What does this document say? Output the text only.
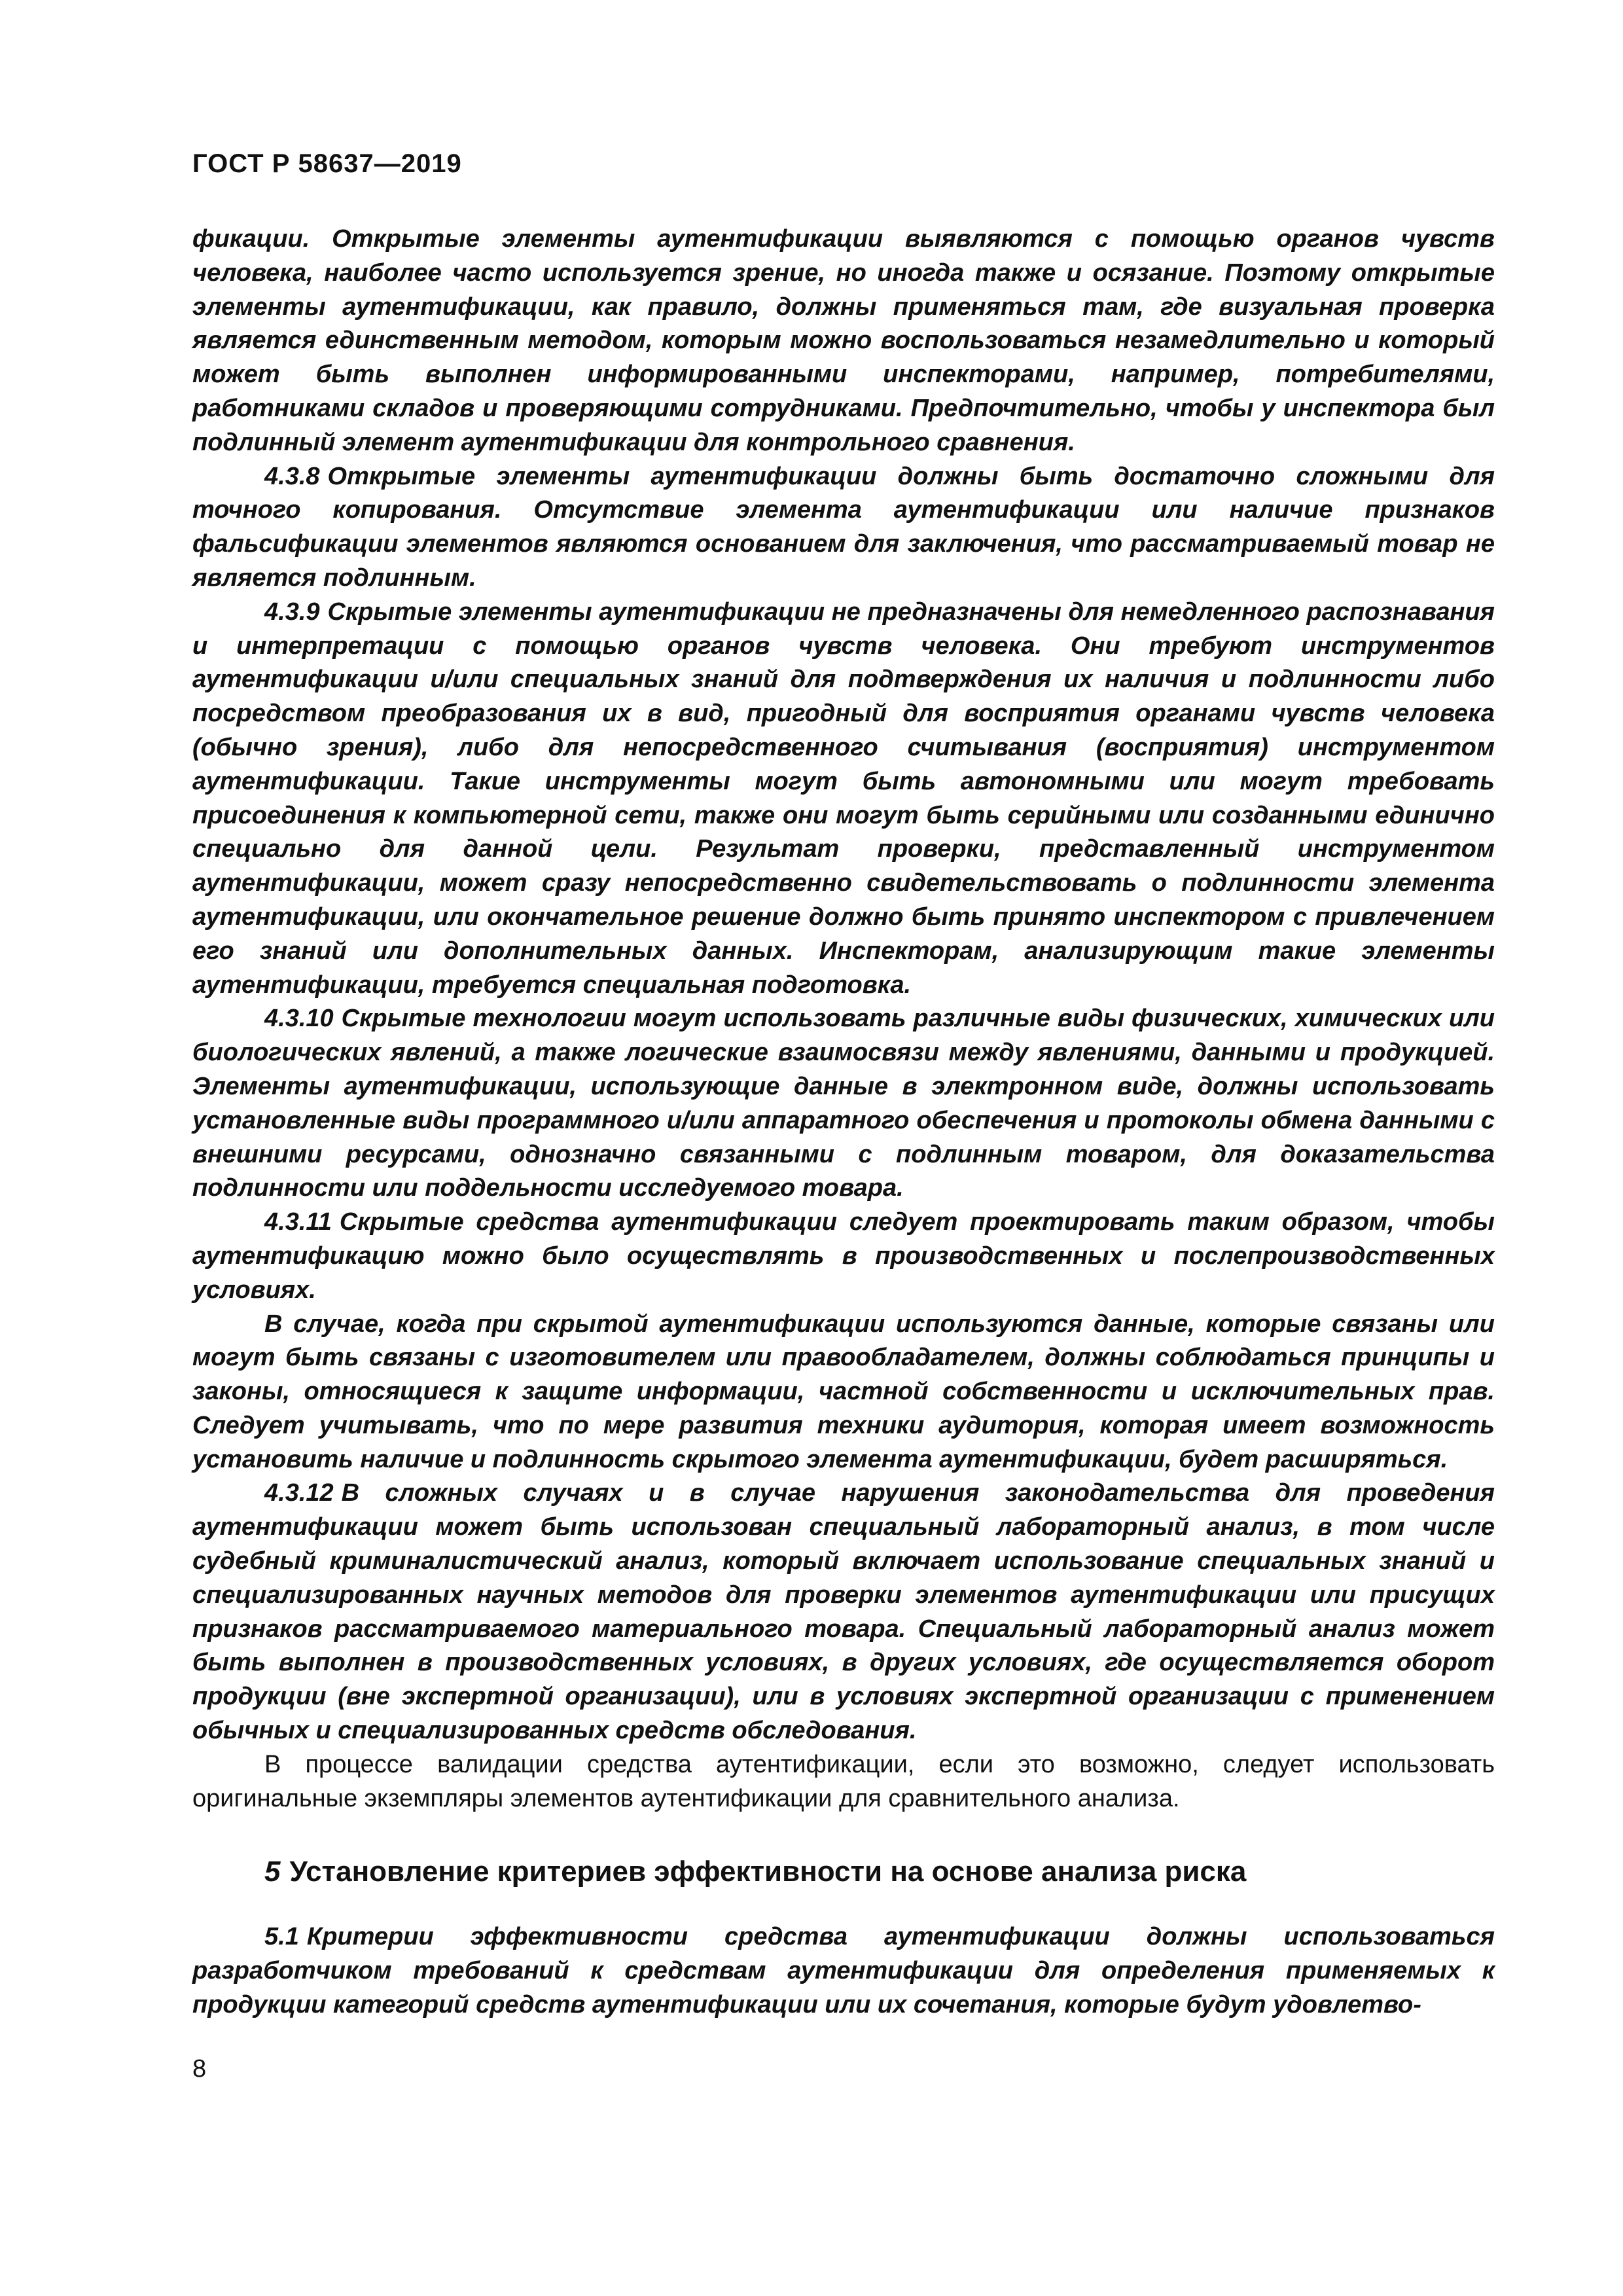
ГОСТ Р 58637—2019

фикации. Открытые элементы аутентификации выявляются с помощью органов чувств человека, наиболее часто используется зрение, но иногда также и осязание. Поэтому открытые элементы аутентификации, как правило, должны применяться там, где визуальная проверка является единственным методом, которым можно воспользоваться незамедлительно и который может быть выполнен информированными инспекторами, например, потребителями, работниками складов и проверяющими сотрудниками. Предпочтительно, чтобы у инспектора был подлинный элемент аутентификации для контрольного сравнения.

4.3.8 Открытые элементы аутентификации должны быть достаточно сложными для точного копирования. Отсутствие элемента аутентификации или наличие признаков фальсификации элементов являются основанием для заключения, что рассматриваемый товар не является подлинным.

4.3.9 Скрытые элементы аутентификации не предназначены для немедленного распознавания и интерпретации с помощью органов чувств человека. Они требуют инструментов аутентификации и/или специальных знаний для подтверждения их наличия и подлинности либо посредством преобразования их в вид, пригодный для восприятия органами чувств человека (обычно зрения), либо для непосредственного считывания (восприятия) инструментом аутентификации. Такие инструменты могут быть автономными или могут требовать присоединения к компьютерной сети, также они могут быть серийными или созданными единично специально для данной цели. Результат проверки, представленный инструментом аутентификации, может сразу непосредственно свидетельствовать о подлинности элемента аутентификации, или окончательное решение должно быть принято инспектором с привлечением его знаний или дополнительных данных. Инспекторам, анализирующим такие элементы аутентификации, требуется специальная подготовка.

4.3.10 Скрытые технологии могут использовать различные виды физических, химических или биологических явлений, а также логические взаимосвязи между явлениями, данными и продукцией. Элементы аутентификации, использующие данные в электронном виде, должны использовать установленные виды программного и/или аппаратного обеспечения и протоколы обмена данными с внешними ресурсами, однозначно связанными с подлинным товаром, для доказательства подлинности или поддельности исследуемого товара.

4.3.11 Скрытые средства аутентификации следует проектировать таким образом, чтобы аутентификацию можно было осуществлять в производственных и послепроизводственных условиях.

В случае, когда при скрытой аутентификации используются данные, которые связаны или могут быть связаны с изготовителем или правообладателем, должны соблюдаться принципы и законы, относящиеся к защите информации, частной собственности и исключительных прав. Следует учитывать, что по мере развития техники аудитория, которая имеет возможность установить наличие и подлинность скрытого элемента аутентификации, будет расширяться.

4.3.12 В сложных случаях и в случае нарушения законодательства для проведения аутентификации может быть использован специальный лабораторный анализ, в том числе судебный криминалистический анализ, который включает использование специальных знаний и специализированных научных методов для проверки элементов аутентификации или присущих признаков рассматриваемого материального товара. Специальный лабораторный анализ может быть выполнен в производственных условиях, в других условиях, где осуществляется оборот продукции (вне экспертной организации), или в условиях экспертной организации с применением обычных и специализированных средств обследования.

В процессе валидации средства аутентификации, если это возможно, следует использовать оригинальные экземпляры элементов аутентификации для сравнительного анализа.

5 Установление критериев эффективности на основе анализа риска

5.1 Критерии эффективности средства аутентификации должны использоваться разработчиком требований к средствам аутентификации для определения применяемых к продукции категорий средств аутентификации или их сочетания, которые будут удовлетво-

8
